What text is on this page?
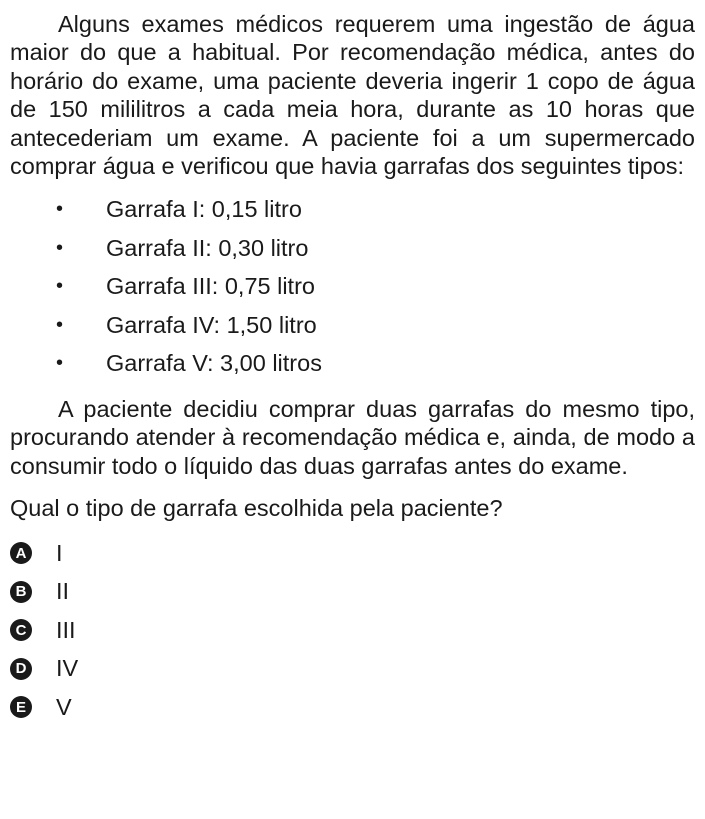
Alguns exames médicos requerem uma ingestão de água maior do que a habitual. Por recomendação médica, antes do horário do exame, uma paciente deveria ingerir 1 copo de água de 150 mililitros a cada meia hora, durante as 10 horas que antecederiam um exame. A paciente foi a um supermercado comprar água e verificou que havia garrafas dos seguintes tipos:

• Garrafa I: 0,15 litro
• Garrafa II: 0,30 litro
• Garrafa III: 0,75 litro
• Garrafa IV: 1,50 litro
• Garrafa V: 3,00 litros

A paciente decidiu comprar duas garrafas do mesmo tipo, procurando atender à recomendação médica e, ainda, de modo a consumir todo o líquido das duas garrafas antes do exame.

Qual o tipo de garrafa escolhida pela paciente?

A I
B II
C III
D IV
E V
